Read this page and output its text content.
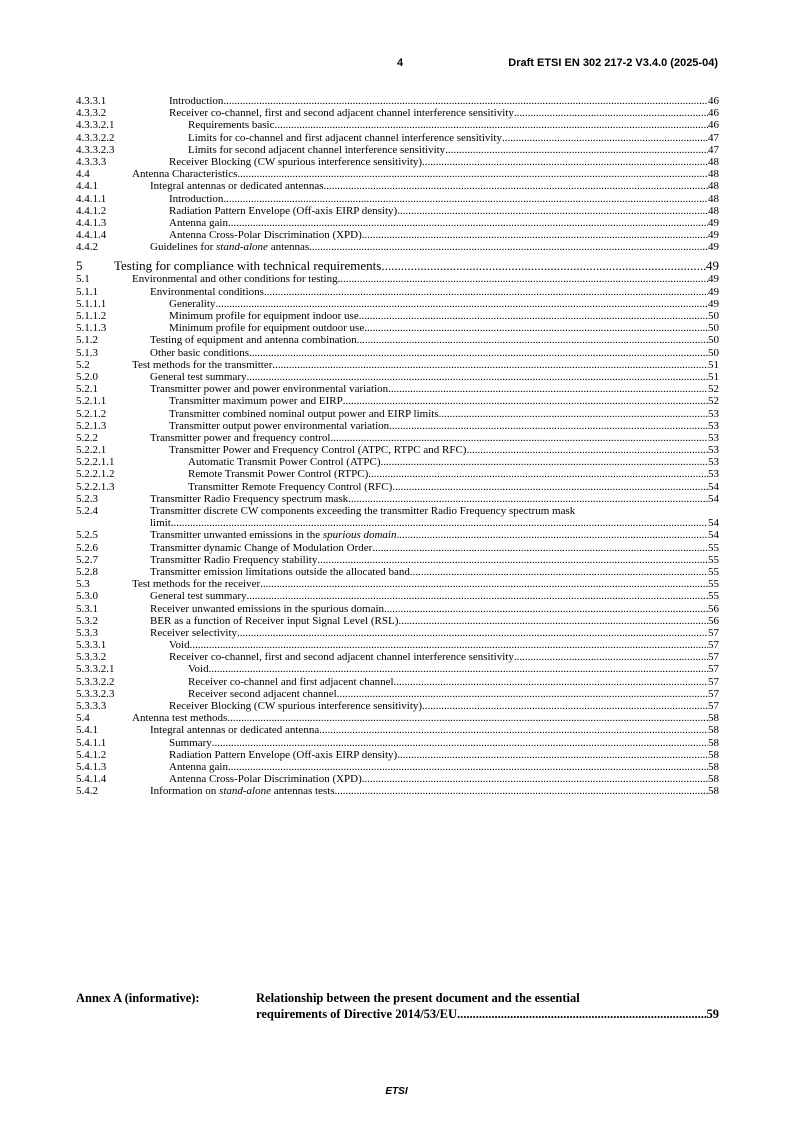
4	Draft ETSI EN 302 217-2 V3.4.0 (2025-04)
4.3.3.1	Introduction .....	46
4.3.3.2	Receiver co-channel, first and second adjacent channel interference sensitivity .....	46
4.3.3.2.1	Requirements basic .....	46
4.3.3.2.2	Limits for co-channel and first adjacent channel interference sensitivity .....	47
4.3.3.2.3	Limits for second adjacent channel interference sensitivity .....	47
4.3.3.3	Receiver Blocking (CW spurious interference sensitivity) .....	48
4.4	Antenna Characteristics .....	48
4.4.1	Integral antennas or dedicated antennas .....	48
4.4.1.1	Introduction .....	48
4.4.1.2	Radiation Pattern Envelope (Off-axis EIRP density) .....	48
4.4.1.3	Antenna gain .....	49
4.4.1.4	Antenna Cross-Polar Discrimination (XPD) .....	49
4.4.2	Guidelines for stand-alone antennas .....	49
5 Testing for compliance with technical requirements .....	49
5.1	Environmental and other conditions for testing .....	49
5.1.1	Environmental conditions .....	49
5.1.1.1	Generality .....	49
5.1.1.2	Minimum profile for equipment indoor use .....	50
5.1.1.3	Minimum profile for equipment outdoor use .....	50
5.1.2	Testing of equipment and antenna combination .....	50
5.1.3	Other basic conditions .....	50
5.2	Test methods for the transmitter .....	51
5.2.0	General test summary .....	51
5.2.1	Transmitter power and power environmental variation .....	52
5.2.1.1	Transmitter maximum power and EIRP .....	52
5.2.1.2	Transmitter combined nominal output power and EIRP limits .....	53
5.2.1.3	Transmitter output power environmental variation .....	53
5.2.2	Transmitter power and frequency control .....	53
5.2.2.1	Transmitter Power and Frequency Control (ATPC, RTPC and RFC) .....	53
5.2.2.1.1	Automatic Transmit Power Control (ATPC) .....	53
5.2.2.1.2	Remote Transmit Power Control (RTPC) .....	53
5.2.2.1.3	Transmitter Remote Frequency Control (RFC) .....	54
5.2.3	Transmitter Radio Frequency spectrum mask .....	54
5.2.4	Transmitter discrete CW components exceeding the transmitter Radio Frequency spectrum mask
limit .....	54
5.2.5	Transmitter unwanted emissions in the spurious domain .....	54
5.2.6	Transmitter dynamic Change of Modulation Order .....	55
5.2.7	Transmitter Radio Frequency stability .....	55
5.2.8	Transmitter emission limitations outside the allocated band .....	55
5.3	Test methods for the receiver .....	55
5.3.0	General test summary .....	55
5.3.1	Receiver unwanted emissions in the spurious domain .....	56
5.3.2	BER as a function of Receiver input Signal Level (RSL) .....	56
5.3.3	Receiver selectivity .....	57
5.3.3.1	Void .....	57
5.3.3.2	Receiver co-channel, first and second adjacent channel interference sensitivity .....	57
5.3.3.2.1	Void .....	57
5.3.3.2.2	Receiver co-channel and first adjacent channel .....	57
5.3.3.2.3	Receiver second adjacent channel .....	57
5.3.3.3	Receiver Blocking (CW spurious interference sensitivity) .....	57
5.4	Antenna test methods .....	58
5.4.1	Integral antennas or dedicated antenna .....	58
5.4.1.1	Summary .....	58
5.4.1.2	Radiation Pattern Envelope (Off-axis EIRP density) .....	58
5.4.1.3	Antenna gain .....	58
5.4.1.4	Antenna Cross-Polar Discrimination (XPD) .....	58
5.4.2	Information on stand-alone antennas tests .....	58
Annex A (informative):	Relationship between the present document and the essential
requirements of Directive 2014/53/EU .....	59
ETSI
